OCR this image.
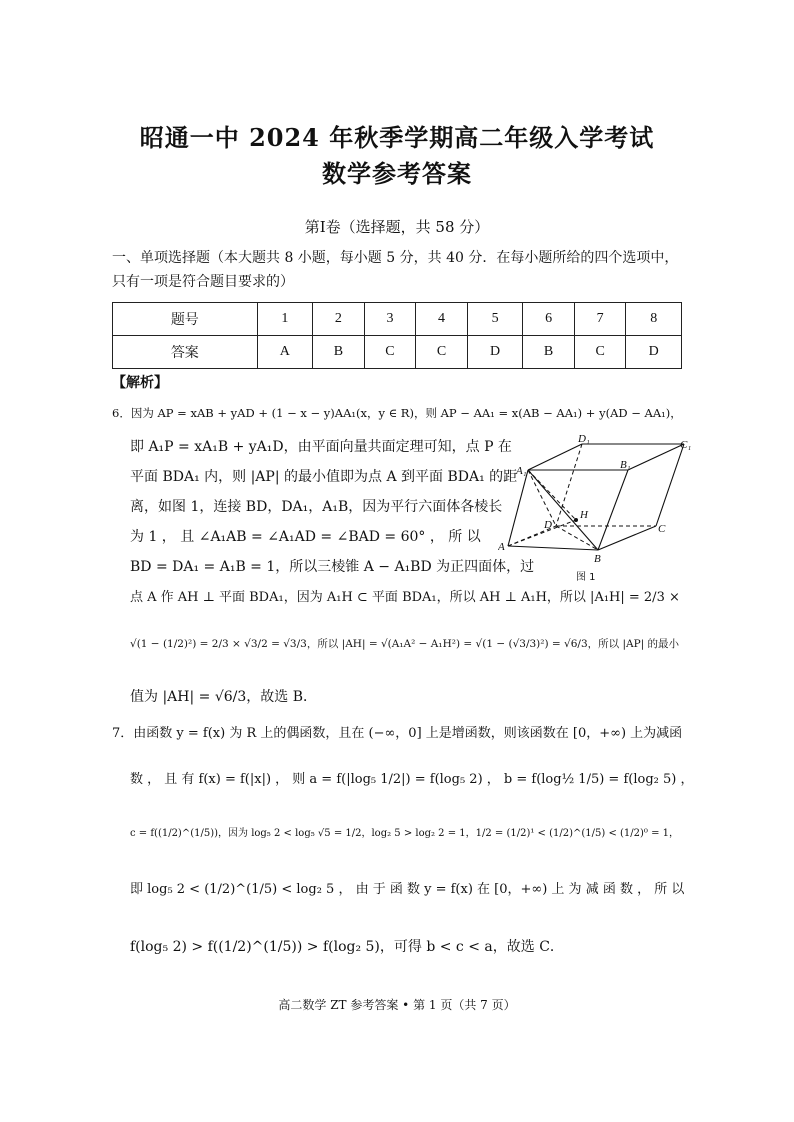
昭通一中 2024 年秋季学期高二年级入学考试
数学参考答案
第Ⅰ卷（选择题，共 58 分）
一、单项选择题（本大题共 8 小题，每小题 5 分，共 40 分．在每小题所给的四个选项中，只有一项是符合题目要求的）
题号	1	2	3	4	5	6	7	8
答案	A	B	C	C	D	B	C	D
【解析】
6．因为 AP = xAB + yAD + (1 − x − y)AA₁(x，y ∈ R)，则 AP − AA₁ = x(AB − AA₁) + y(AD − AA₁)，
即 A₁P = xA₁B + yA₁D，由平面向量共面定理可知，点 P 在
平面 BDA₁ 内，则 |AP| 的最小值即为点 A 到平面 BDA₁ 的距
离，如图 1，连接 BD，DA₁，A₁B，因为平行六面体各棱长
为 1 ， 且 ∠A₁AB = ∠A₁AD = ∠BAD = 60° ， 所 以
BD = DA₁ = A₁B = 1，所以三棱锥 A − A₁BD 为正四面体，过
点 A 作 AH ⊥ 平面 BDA₁，因为 A₁H ⊂ 平面 BDA₁，所以 AH ⊥ A₁H，所以 |A₁H| = 2/3 ×
√(1 − (1/2)²) = 2/3 × √3/2 = √3/3，所以 |AH| = √(A₁A² − A₁H²) = √(1 − (√3/3)²) = √6/3，所以 |AP| 的最小
值为 |AH| = √6/3，故选 B．
D₁	C₁
A₁	B₁
D
H
C
A
B
图 1
7．由函数 y = f(x) 为 R 上的偶函数，且在 (−∞，0] 上是增函数，则该函数在 [0，+∞) 上为减函
数 ， 且 有 f(x) = f(|x|) ， 则 a = f(|log₅ 1/2|) = f(log₅ 2) ， b = f(log½ 1/5) = f(log₂ 5) ，
c = f((1/2)^(1/5))，因为 log₅ 2 < log₅ √5 = 1/2，log₂ 5 > log₂ 2 = 1，1/2 = (1/2)¹ < (1/2)^(1/5) < (1/2)⁰ = 1，
即 log₅ 2 < (1/2)^(1/5) < log₂ 5 ， 由 于 函 数 y = f(x) 在 [0，+∞) 上 为 减 函 数 ， 所 以
f(log₅ 2) > f((1/2)^(1/5)) > f(log₂ 5)，可得 b < c < a，故选 C．
高二数学 ZT 参考答案 • 第 1 页（共 7 页）
